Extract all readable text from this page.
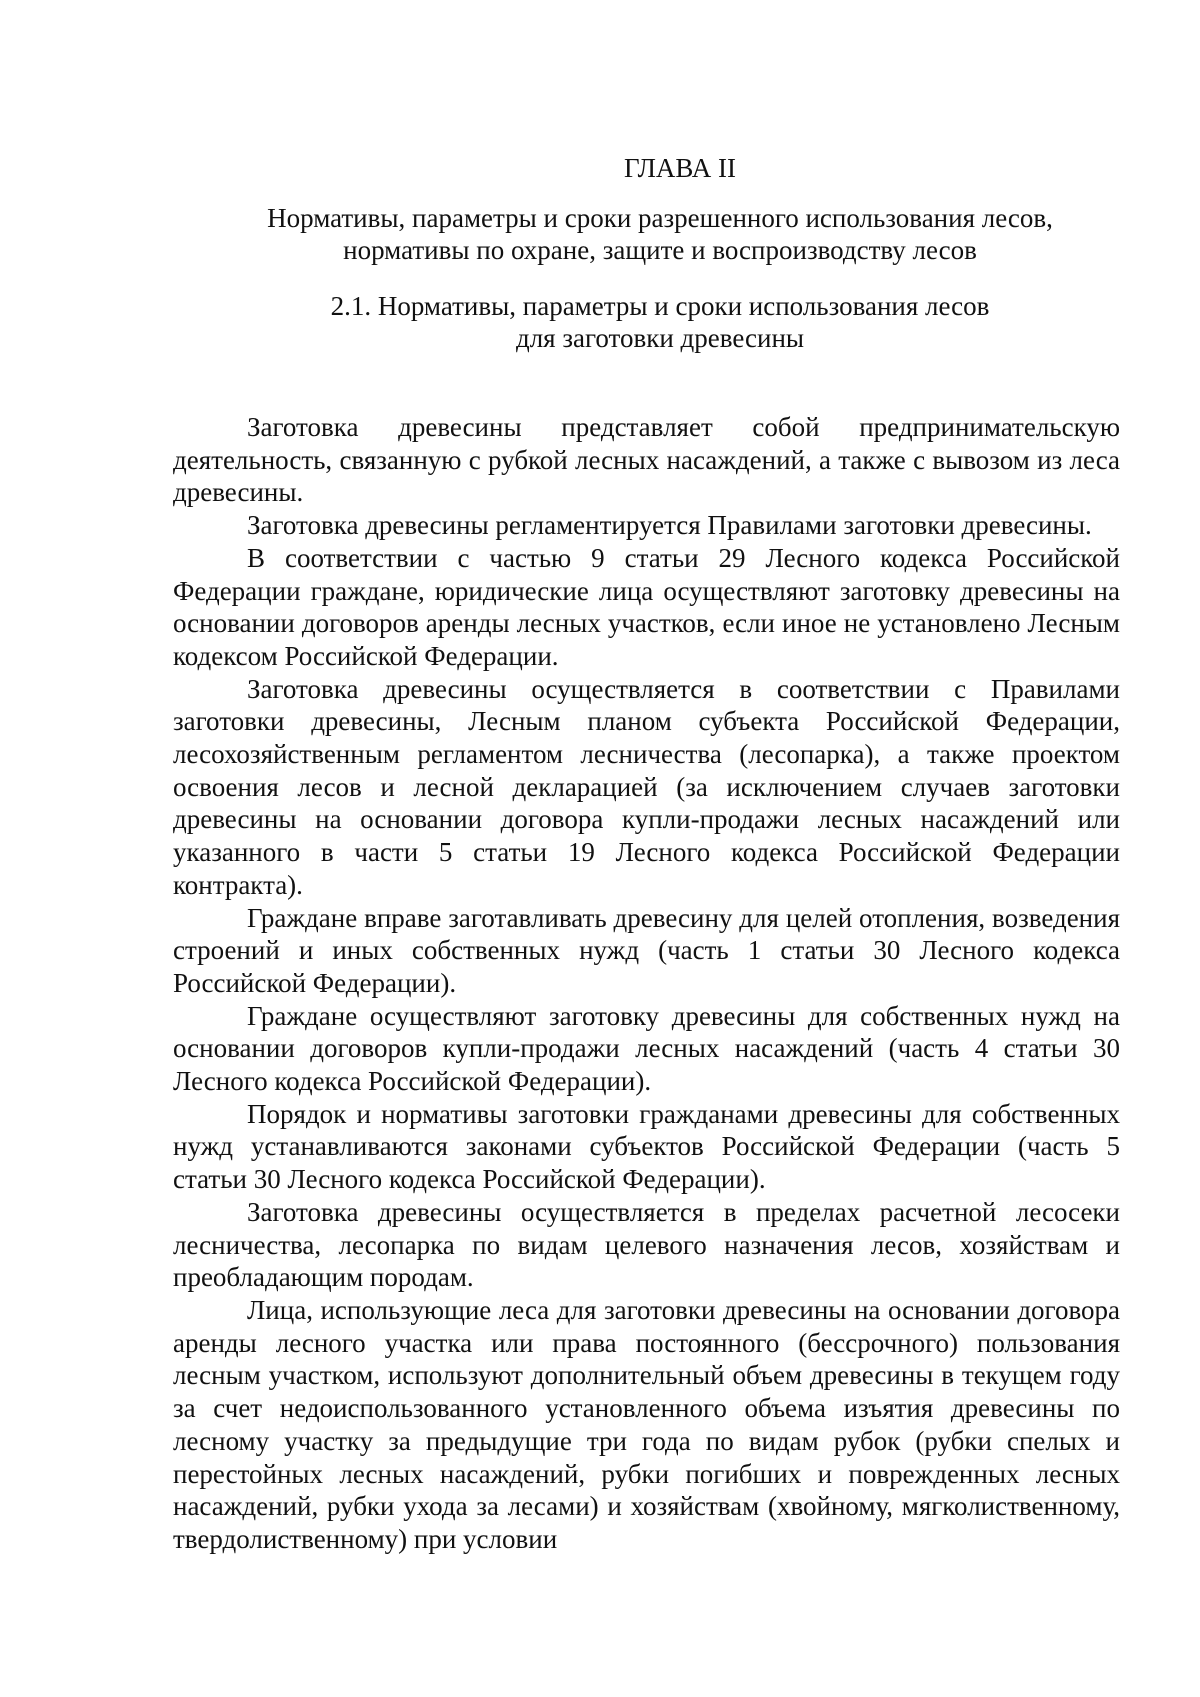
ГЛАВА II
Нормативы, параметры и сроки разрешенного использования лесов,
нормативы по охране, защите и воспроизводству лесов
2.1. Нормативы, параметры и сроки использования лесов
для заготовки древесины

Заготовка древесины представляет собой предпринимательскую деятельность, связанную с рубкой лесных насаждений, а также с вывозом из леса древесины.

Заготовка древесины регламентируется Правилами заготовки древесины.

В соответствии с частью 9 статьи 29 Лесного кодекса Российской Федерации граждане, юридические лица осуществляют заготовку древесины на основании договоров аренды лесных участков, если иное не установлено Лесным кодексом Российской Федерации.

Заготовка древесины осуществляется в соответствии с Правилами заготовки древесины, Лесным планом субъекта Российской Федерации, лесохозяйственным регламентом лесничества (лесопарка), а также проектом освоения лесов и лесной декларацией (за исключением случаев заготовки древесины на основании договора купли-продажи лесных насаждений или указанного в части 5 статьи 19 Лесного кодекса Российской Федерации контракта).

Граждане вправе заготавливать древесину для целей отопления, возведения строений и иных собственных нужд (часть 1 статьи 30 Лесного кодекса Российской Федерации).

Граждане осуществляют заготовку древесины для собственных нужд на основании договоров купли-продажи лесных насаждений (часть 4 статьи 30 Лесного кодекса Российской Федерации).

Порядок и нормативы заготовки гражданами древесины для собственных нужд устанавливаются законами субъектов Российской Федерации (часть 5 статьи 30 Лесного кодекса Российской Федерации).

Заготовка древесины осуществляется в пределах расчетной лесосеки лесничества, лесопарка по видам целевого назначения лесов, хозяйствам и преобладающим породам.

Лица, использующие леса для заготовки древесины на основании договора аренды лесного участка или права постоянного (бессрочного) пользования лесным участком, используют дополнительный объем древесины в текущем году за счет недоиспользованного установленного объема изъятия древесины по лесному участку за предыдущие три года по видам рубок (рубки спелых и перестойных лесных насаждений, рубки погибших и поврежденных лесных насаждений, рубки ухода за лесами) и хозяйствам (хвойному, мягколиственному, твердолиственному) при условии
